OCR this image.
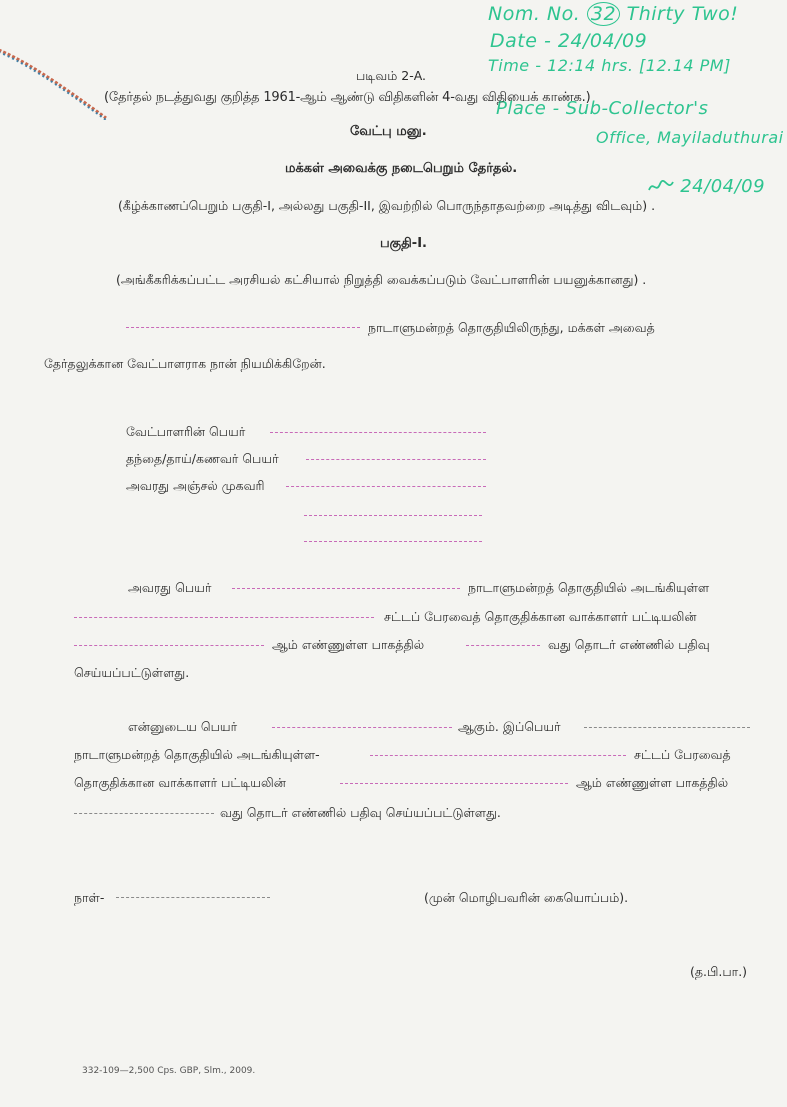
Nom. No. 32 Thirty Two!
Date - 24/04/09
Time - 12:14 hrs. [12.14 PM]
Place - Sub-Collector's
Office, Mayiladuthurai
24/04/09
படிவம் 2-A.
(தேர்தல் நடத்துவது குறித்த 1961-ஆம் ஆண்டு விதிகளின் 4-வது விதியைக் காண்க.)
வேட்பு மனு.
மக்கள் அவைக்கு நடைபெறும் தேர்தல்.
(கீழ்க்காணப்பெறும் பகுதி-I, அல்லது பகுதி-II, இவற்றில் பொருந்தாதவற்றை அடித்து விடவும்) .
பகுதி-I.
(அங்கீகரிக்கப்பட்ட அரசியல் கட்சியால் நிறுத்தி வைக்கப்படும் வேட்பாளரின் பயனுக்கானது) .
நாடாளுமன்றத் தொகுதியிலிருந்து, மக்கள் அவைத்
தேர்தலுக்கான வேட்பாளராக நான் நியமிக்கிறேன்.
வேட்பாளரின் பெயர்
தந்தை/தாய்/கணவர் பெயர்
அவரது அஞ்சல் முகவரி
அவரது பெயர்	நாடாளுமன்றத் தொகுதியில் அடங்கியுள்ள
சட்டப் பேரவைத் தொகுதிக்கான வாக்காளர் பட்டியலின்
ஆம் எண்ணுள்ள பாகத்தில்	வது தொடர் எண்ணில் பதிவு
செய்யப்பட்டுள்ளது.
என்னுடைய பெயர்	ஆகும். இப்பெயர்
நாடாளுமன்றத் தொகுதியில் அடங்கியுள்ள-	சட்டப் பேரவைத்
தொகுதிக்கான வாக்காளர் பட்டியலின்	ஆம் எண்ணுள்ள பாகத்தில்
வது தொடர் எண்ணில் பதிவு செய்யப்பட்டுள்ளது.
நாள்-	(முன் மொழிபவரின் கையொப்பம்).
(த.பி.பா.)
332-109—2,500 Cps. GBP, Slm., 2009.
